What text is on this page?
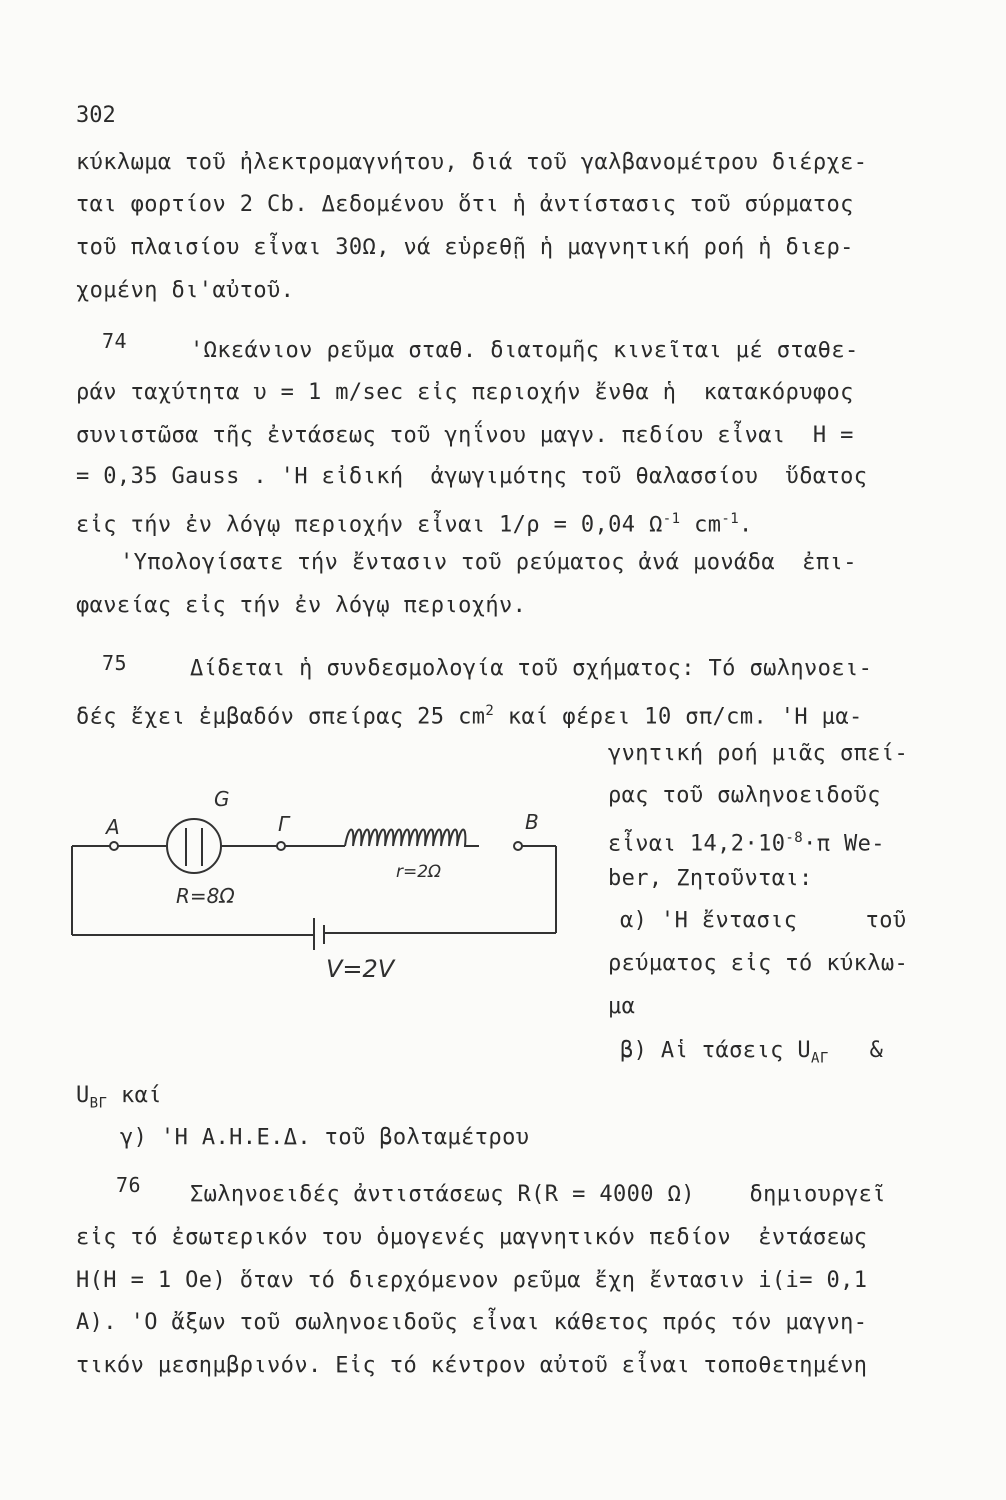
302
κύκλωμα τοῦ ἠλεκτρομαγνήτου, διά τοῦ γαλβανομέτρου διέρχε-
ται φορτίον 2 Cb. Δεδομένου ὅτι ἡ ἀντίστασις τοῦ σύρματος
τοῦ πλαισίου εἶναι 30Ω, νά εὑρεθῇ ἡ μαγνητική ροή ἡ διερ-
χομένη δι'αὐτοῦ.
74	'Ωκεάνιον ρεῦμα σταθ. διατομῆς κινεῖται μέ σταθε-
ράν ταχύτητα υ = 1 m/sec εἰς περιοχήν ἔνθα ἡ  κατακόρυφος
συνιστῶσα τῆς ἐντάσεως τοῦ γηΐνου μαγν. πεδίου εἶναι  H =
= 0,35 Gauss . 'Η εἰδική  ἀγωγιμότης τοῦ θαλασσίου  ὕδατος
εἰς τήν ἐν λόγῳ περιοχήν εἶναι 1/ρ = 0,04 $\Omega^{-1}$ $cm^{-1}$.
'Υπολογίσατε τήν ἔντασιν τοῦ ρεύματος ἀνά μονάδα  ἐπι-
φανείας εἰς τήν ἐν λόγῳ περιοχήν.
75	Δίδεται ἡ συνδεσμολογία τοῦ σχήματος: Τό σωληνοει-
δές ἔχει ἐμβαδόν σπείρας 25 $cm^2$ καί φέρει 10 σπ/cm. 'Η μα-
γνητική ροή μιᾶς σπεί-
ρας τοῦ σωληνοειδοῦς
εἶναι $14,2\cdot 10^{-8}\cdot\pi$ We-
ber, Ζητοῦνται:
α) 'Η ἔντασις     τοῦ
ρεύματος εἰς τό κύκλω-
μα
β) Αἱ τάσεις $U_{A\Gamma}$   &
$U_{B\Gamma}$ καί
γ) 'Η Α.Η.Ε.Δ. τοῦ βολταμέτρου
A
G
Γ	B
R=8Ω
r=2Ω
V=2V
76 Σωληνοειδές ἀντιστάσεως R(R = 4000 Ω)    δημιουργεῖ
εἰς τό ἐσωτερικόν του ὁμογενές μαγνητικόν πεδίον  ἐντάσεως
H(H = 1 Oe) ὅταν τό διερχόμενον ρεῦμα ἔχη ἔντασιν i(i= 0,1
A). 'O ἄξων τοῦ σωληνοειδοῦς εἶναι κάθετος πρός τόν μαγνη-
τικόν μεσημβρινόν. Εἰς τό κέντρον αὐτοῦ εἶναι τοποθετημένη
